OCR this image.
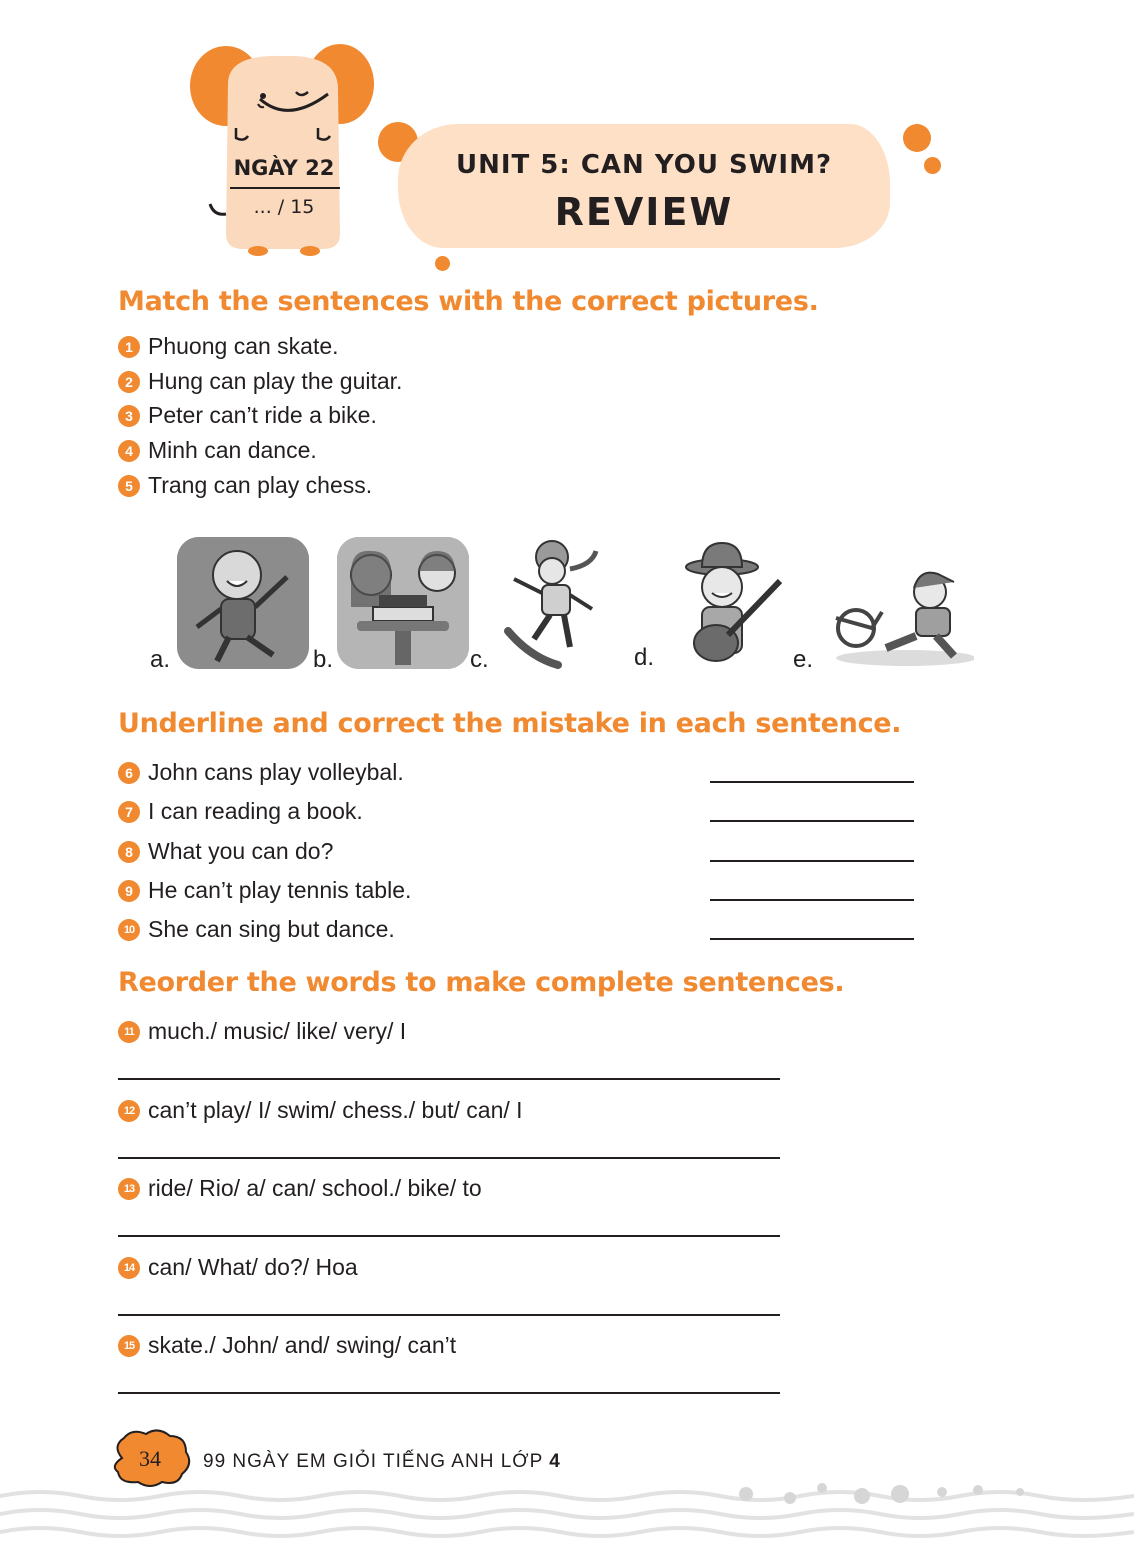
NGÀY 22
... / 15
UNIT 5: CAN YOU SWIM?
REVIEW
Match the sentences with the correct pictures.
1 Phuong can skate.
2 Hung can play the guitar.
3 Peter can’t ride a bike.
4 Minh can dance.
5 Trang can play chess.
a.	b.	c.	d.	e.
Underline and correct the mistake in each sentence.
6 John cans play volleybal.
7 I can reading a book.
8 What you can do?
9 He can’t play tennis table.
10 She can sing but dance.
Reorder the words to make complete sentences.
11 much./ music/ like/ very/ I
12 can’t play/ I/ swim/ chess./ but/ can/ I
13 ride/ Rio/ a/ can/ school./ bike/ to
14 can/ What/ do?/ Hoa
15 skate./ John/ and/ swing/ can’t
34	99 NGÀY EM GIỎI TIẾNG ANH LỚP 4
